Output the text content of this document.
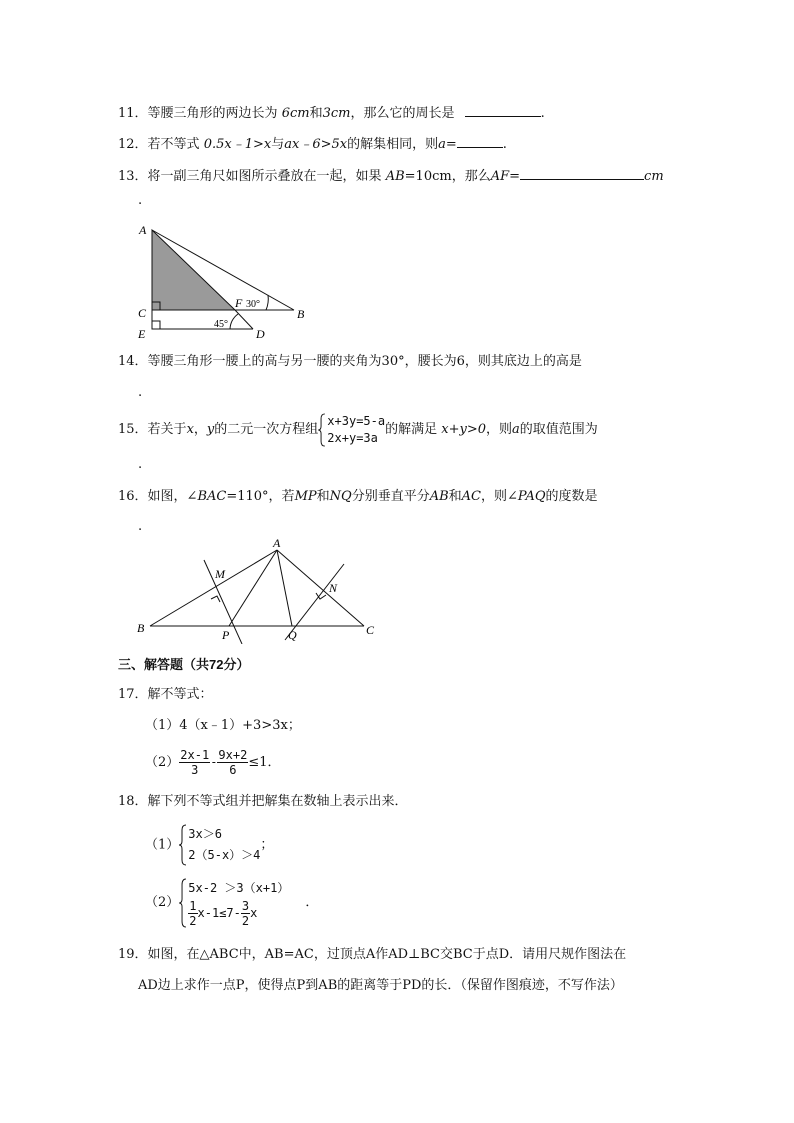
11．等腰三角形的两边长为 6cm和3cm，那么它的周长是	.
12．若不等式 0.5x﹣1>x与ax﹣6>5x的解集相同，则a=	.
13．将一副三角尺如图所示叠放在一起，如果 AB=10cm，那么AF=	cm
.
A
C
E
F 30°
B
45°
D
14．等腰三角形一腰上的高与另一腰的夹角为30°，腰长为6，则其底边上的高是
.
15．若关于x，y的二元一次方程组
x+3y=5-a
2x+y=3a
的解满足 x+y>0，则a的取值范围为
.
16．如图，∠BAC=110°，若MP和NQ分别垂直平分AB和AC，则∠PAQ的度数是
.
A
M
N
B	P	Q	C
三、解答题（共72分）
17．解不等式：
（1）4（x﹣1）+3>3x；
$(2) \frac{2x-1}{3} - \frac{9x+2}{6} \le 1$．
18．解下列不等式组并把解集在数轴上表示出来．
（1）
3x＞6
2（5-x）＞4
；
（2）
5x-2 ＞3（x+1）
$\frac{1}{2} x-1\le 7- \frac{3}{2}$ x
．
19．如图，在△ABC中，AB=AC，过顶点A作AD⊥BC交BC于点D．请用尺规作图法在
AD边上求作一点P，使得点P到AB的距离等于PD的长．（保留作图痕迹，不写作法）
